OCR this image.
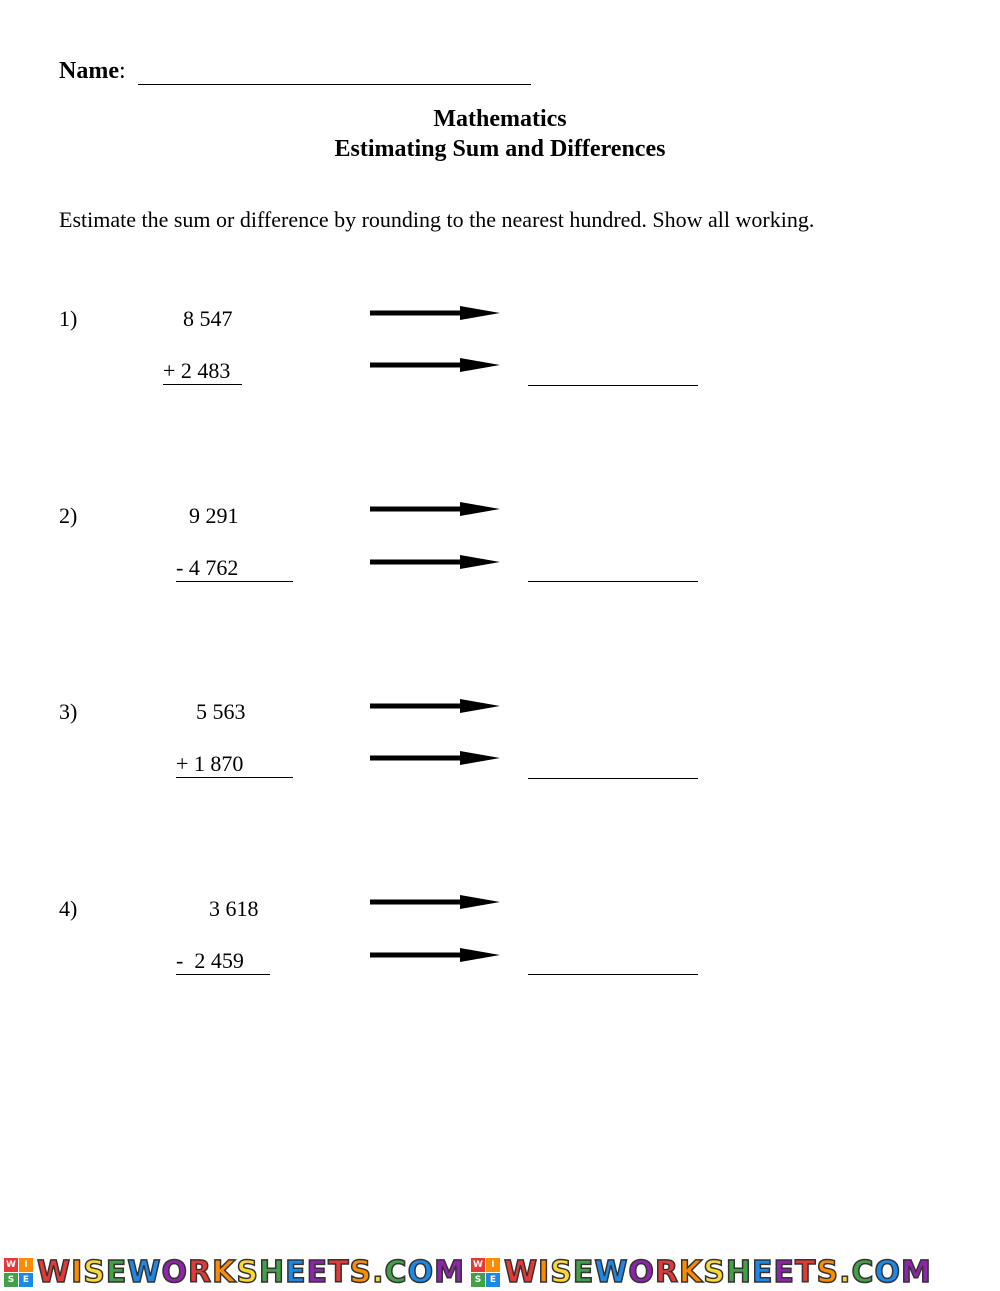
Name:
Mathematics
Estimating Sum and Differences
Estimate the sum or difference by rounding to the nearest hundred. Show all working.
1)	8 547
+ 2 483
2)	9 291
- 4 762
3)	5 563
+ 1 870
4)	3 618
-  2 459
W I
S E WISEWORKSHEETS.COM W I
S E WISEWORKSHEETS.COM
